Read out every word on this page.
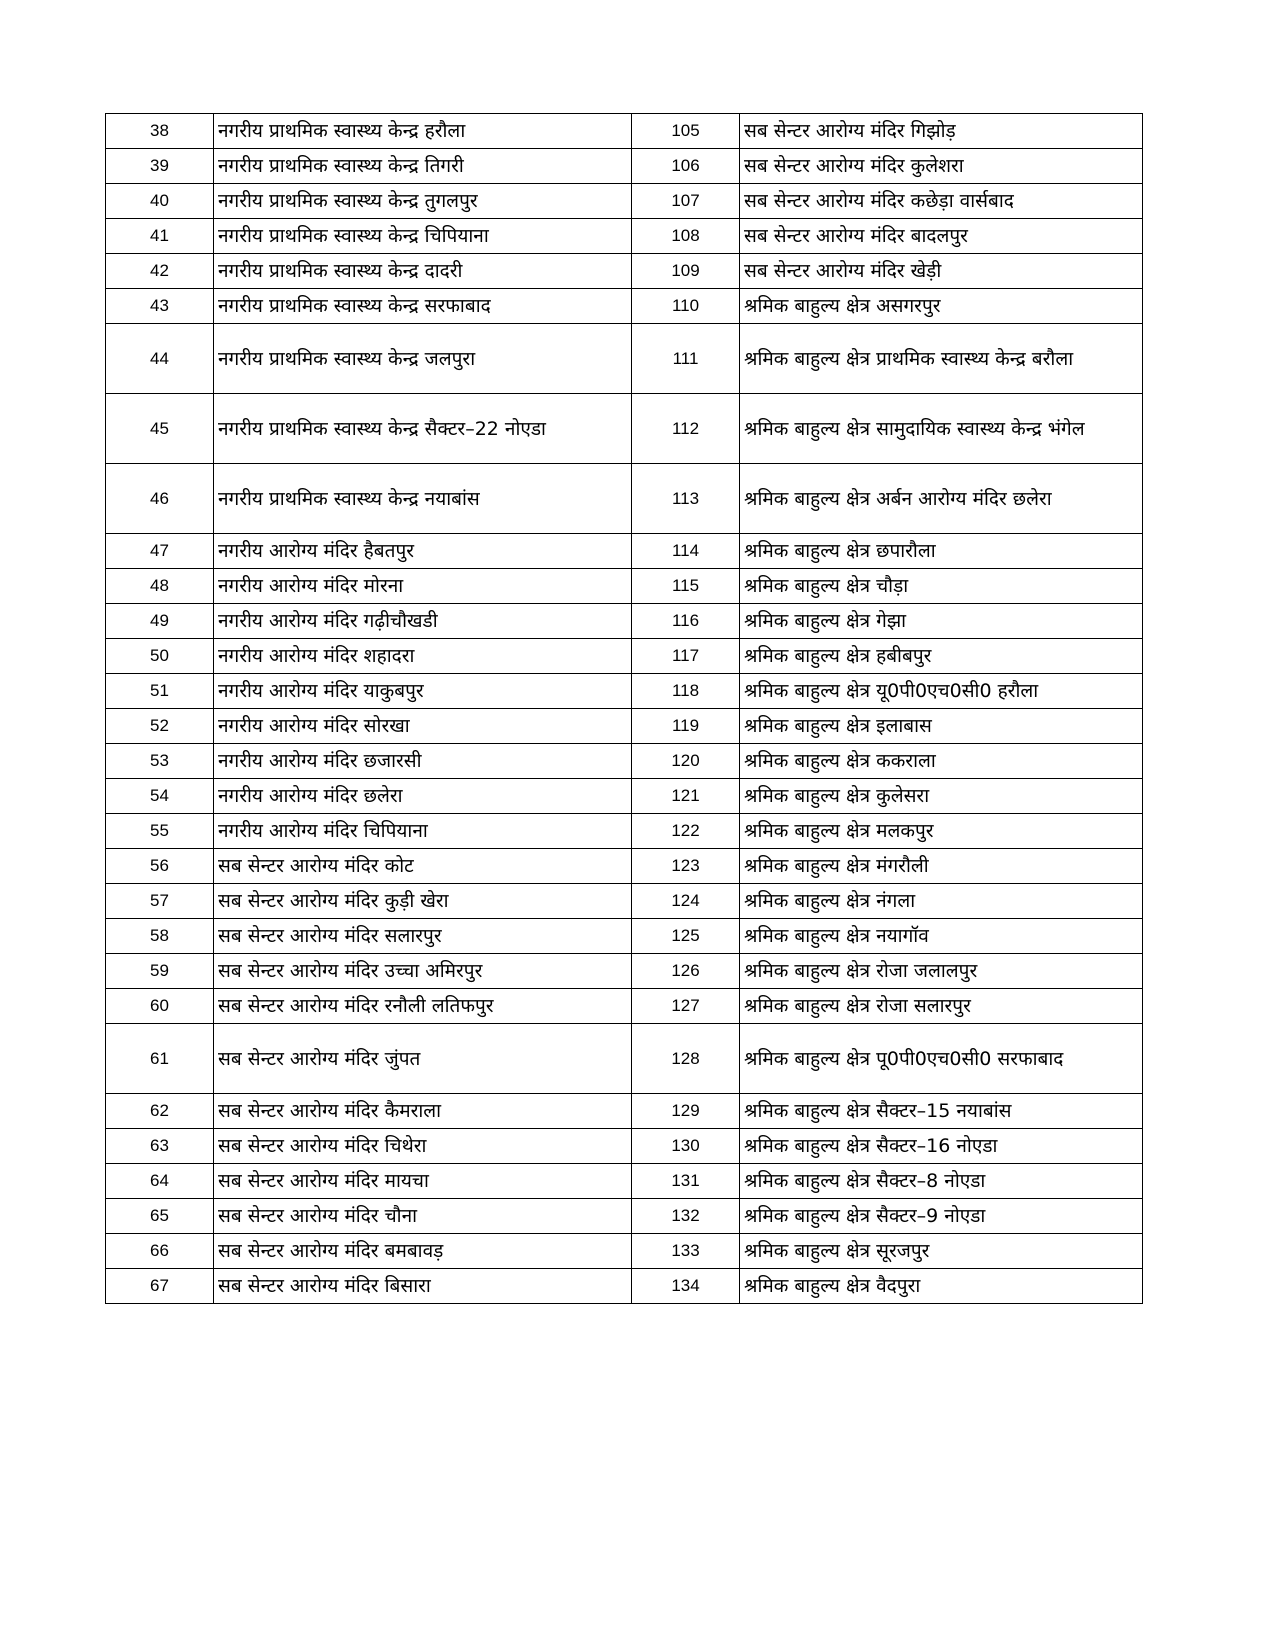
38	नगरीय प्राथमिक स्वास्थ्य केन्द्र हरौला	105	सब सेन्टर आरोग्य मंदिर गिझोड़
39	नगरीय प्राथमिक स्वास्थ्य केन्द्र तिगरी	106	सब सेन्टर आरोग्य मंदिर कुलेशरा
40	नगरीय प्राथमिक स्वास्थ्य केन्द्र तुगलपुर	107	सब सेन्टर आरोग्य मंदिर कछेड़ा वार्सबाद
41	नगरीय प्राथमिक स्वास्थ्य केन्द्र चिपियाना	108	सब सेन्टर आरोग्य मंदिर बादलपुर
42	नगरीय प्राथमिक स्वास्थ्य केन्द्र दादरी	109	सब सेन्टर आरोग्य मंदिर खेड़ी
43	नगरीय प्राथमिक स्वास्थ्य केन्द्र सरफाबाद	110	श्रमिक बाहुल्य क्षेत्र असगरपुर
44	नगरीय प्राथमिक स्वास्थ्य केन्द्र जलपुरा	111	श्रमिक बाहुल्य क्षेत्र प्राथमिक स्वास्थ्य केन्द्र बरौला
45	नगरीय प्राथमिक स्वास्थ्य केन्द्र सैक्टर–22 नोएडा	112	श्रमिक बाहुल्य क्षेत्र सामुदायिक स्वास्थ्य केन्द्र भंगेल
46	नगरीय प्राथमिक स्वास्थ्य केन्द्र नयाबांस	113	श्रमिक बाहुल्य क्षेत्र अर्बन आरोग्य मंदिर छलेरा
47	नगरीय आरोग्य मंदिर हैबतपुर	114	श्रमिक बाहुल्य क्षेत्र छपारौला
48	नगरीय आरोग्य मंदिर मोरना	115	श्रमिक बाहुल्य क्षेत्र चौड़ा
49	नगरीय आरोग्य मंदिर गढ़ीचौखडी	116	श्रमिक बाहुल्य क्षेत्र गेझा
50	नगरीय आरोग्य मंदिर शहादरा	117	श्रमिक बाहुल्य क्षेत्र हबीबपुर
51	नगरीय आरोग्य मंदिर याकुबपुर	118	श्रमिक बाहुल्य क्षेत्र यू0पी0एच0सी0 हरौला
52	नगरीय आरोग्य मंदिर सोरखा	119	श्रमिक बाहुल्य क्षेत्र इलाबास
53	नगरीय आरोग्य मंदिर छजारसी	120	श्रमिक बाहुल्य क्षेत्र ककराला
54	नगरीय आरोग्य मंदिर छलेरा	121	श्रमिक बाहुल्य क्षेत्र कुलेसरा
55	नगरीय आरोग्य मंदिर चिपियाना	122	श्रमिक बाहुल्य क्षेत्र मलकपुर
56	सब सेन्टर आरोग्य मंदिर कोट	123	श्रमिक बाहुल्य क्षेत्र मंगरौली
57	सब सेन्टर आरोग्य मंदिर कुड़ी खेरा	124	श्रमिक बाहुल्य क्षेत्र नंगला
58	सब सेन्टर आरोग्य मंदिर सलारपुर	125	श्रमिक बाहुल्य क्षेत्र नयागॉव
59	सब सेन्टर आरोग्य मंदिर उच्चा अमिरपुर	126	श्रमिक बाहुल्य क्षेत्र रोजा जलालपुर
60	सब सेन्टर आरोग्य मंदिर रनौली लतिफपुर	127	श्रमिक बाहुल्य क्षेत्र रोजा सलारपुर
61	सब सेन्टर आरोग्य मंदिर जुंपत	128	श्रमिक बाहुल्य क्षेत्र पू0पी0एच0सी0 सरफाबाद
62	सब सेन्टर आरोग्य मंदिर कैमराला	129	श्रमिक बाहुल्य क्षेत्र सैक्टर–15 नयाबांस
63	सब सेन्टर आरोग्य मंदिर चिथेरा	130	श्रमिक बाहुल्य क्षेत्र सैक्टर–16 नोएडा
64	सब सेन्टर आरोग्य मंदिर मायचा	131	श्रमिक बाहुल्य क्षेत्र सैक्टर–8 नोएडा
65	सब सेन्टर आरोग्य मंदिर चौना	132	श्रमिक बाहुल्य क्षेत्र सैक्टर–9 नोएडा
66	सब सेन्टर आरोग्य मंदिर बमबावड़	133	श्रमिक बाहुल्य क्षेत्र सूरजपुर
67	सब सेन्टर आरोग्य मंदिर बिसारा	134	श्रमिक बाहुल्य क्षेत्र वैदपुरा
